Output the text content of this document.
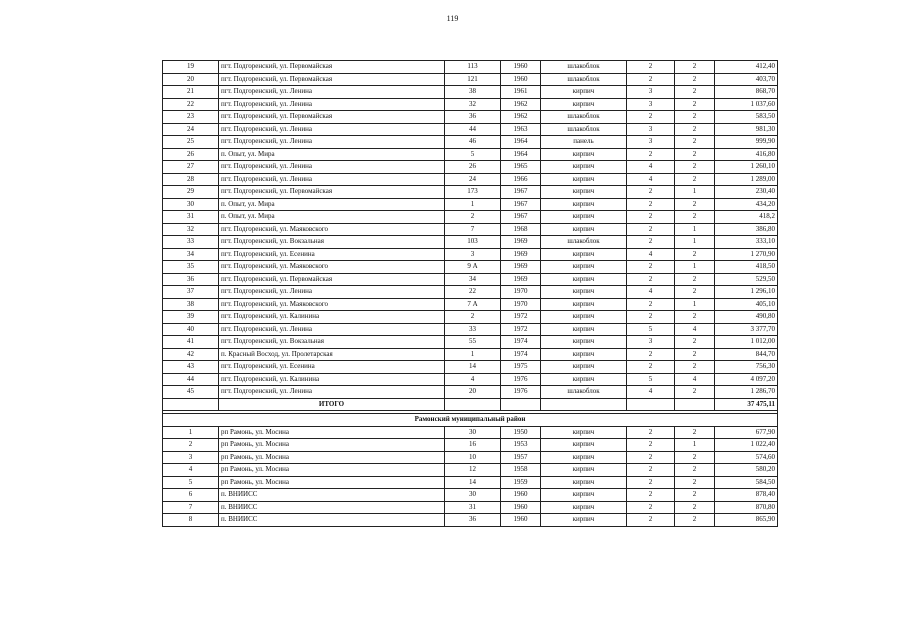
119
19	пгт. Подгоренский, ул. Первомайская	113	1960	шлакоблок	2	2	412,40
20	пгт. Подгоренский, ул. Первомайская	121	1960	шлакоблок	2	2	403,70
21	пгт. Подгоренский, ул. Ленина	38	1961	кирпич	3	2	868,70
22	пгт. Подгоренский, ул. Ленина	32	1962	кирпич	3	2	1 037,60
23	пгт. Подгоренский, ул. Первомайская	36	1962	шлакоблок	2	2	583,50
24	пгт. Подгоренский, ул. Ленина	44	1963	шлакоблок	3	2	981,30
25	пгт. Подгоренский, ул. Ленина	46	1964	панель	3	2	999,90
26	п. Опыт, ул. Мира	5	1964	кирпич	2	2	416,80
27	пгт. Подгоренский, ул. Ленина	26	1965	кирпич	4	2	1 260,10
28	пгт. Подгоренский, ул. Ленина	24	1966	кирпич	4	2	1 289,00
29	пгт. Подгоренский, ул. Первомайская	173	1967	кирпич	2	1	230,40
30	п. Опыт, ул. Мира	1	1967	кирпич	2	2	434,20
31	п. Опыт, ул. Мира	2	1967	кирпич	2	2	418,2
32	пгт. Подгоренский, ул. Маяковского	7	1968	кирпич	2	1	386,80
33	пгт. Подгоренский, ул. Вокзальная	103	1969	шлакоблок	2	1	333,10
34	пгт. Подгоренский, ул. Есенина	3	1969	кирпич	4	2	1 270,90
35	пгт. Подгоренский, ул. Маяковского	9 А	1969	кирпич	2	1	418,50
36	пгт. Подгоренский, ул. Первомайская	34	1969	кирпич	2	2	529,50
37	пгт. Подгоренский, ул. Ленина	22	1970	кирпич	4	2	1 296,10
38	пгт. Подгоренский, ул. Маяковского	7 А	1970	кирпич	2	1	405,10
39	пгт. Подгоренский, ул. Калинина	2	1972	кирпич	2	2	490,80
40	пгт. Подгоренский, ул. Ленина	33	1972	кирпич	5	4	3 377,70
41	пгт. Подгоренский, ул. Вокзальная	55	1974	кирпич	3	2	1 012,00
42	п. Красный Восход, ул. Пролетарская	1	1974	кирпич	2	2	844,70
43	пгт. Подгоренский, ул. Есенина	14	1975	кирпич	2	2	756,30
44	пгт. Подгоренский, ул. Калинина	4	1976	кирпич	5	4	4 097,20
45	пгт. Подгоренский, ул. Ленина	20	1976	шлакоблок	4	2	1 286,70
	ИТОГО						37 475,11

Рамонский муниципальный район							
1	рп Рамонь, ул. Мосина	30	1950	кирпич	2	2	677,90
2	рп Рамонь, ул. Мосина	16	1953	кирпич	2	1	1 022,40
3	рп Рамонь, ул. Мосина	10	1957	кирпич	2	2	574,60
4	рп Рамонь, ул. Мосина	12	1958	кирпич	2	2	580,20
5	рп Рамонь, ул. Мосина	14	1959	кирпич	2	2	584,50
6	п. ВНИИСС	30	1960	кирпич	2	2	878,40
7	п. ВНИИСС	31	1960	кирпич	2	2	870,80
8	п. ВНИИСС	36	1960	кирпич	2	2	865,90
